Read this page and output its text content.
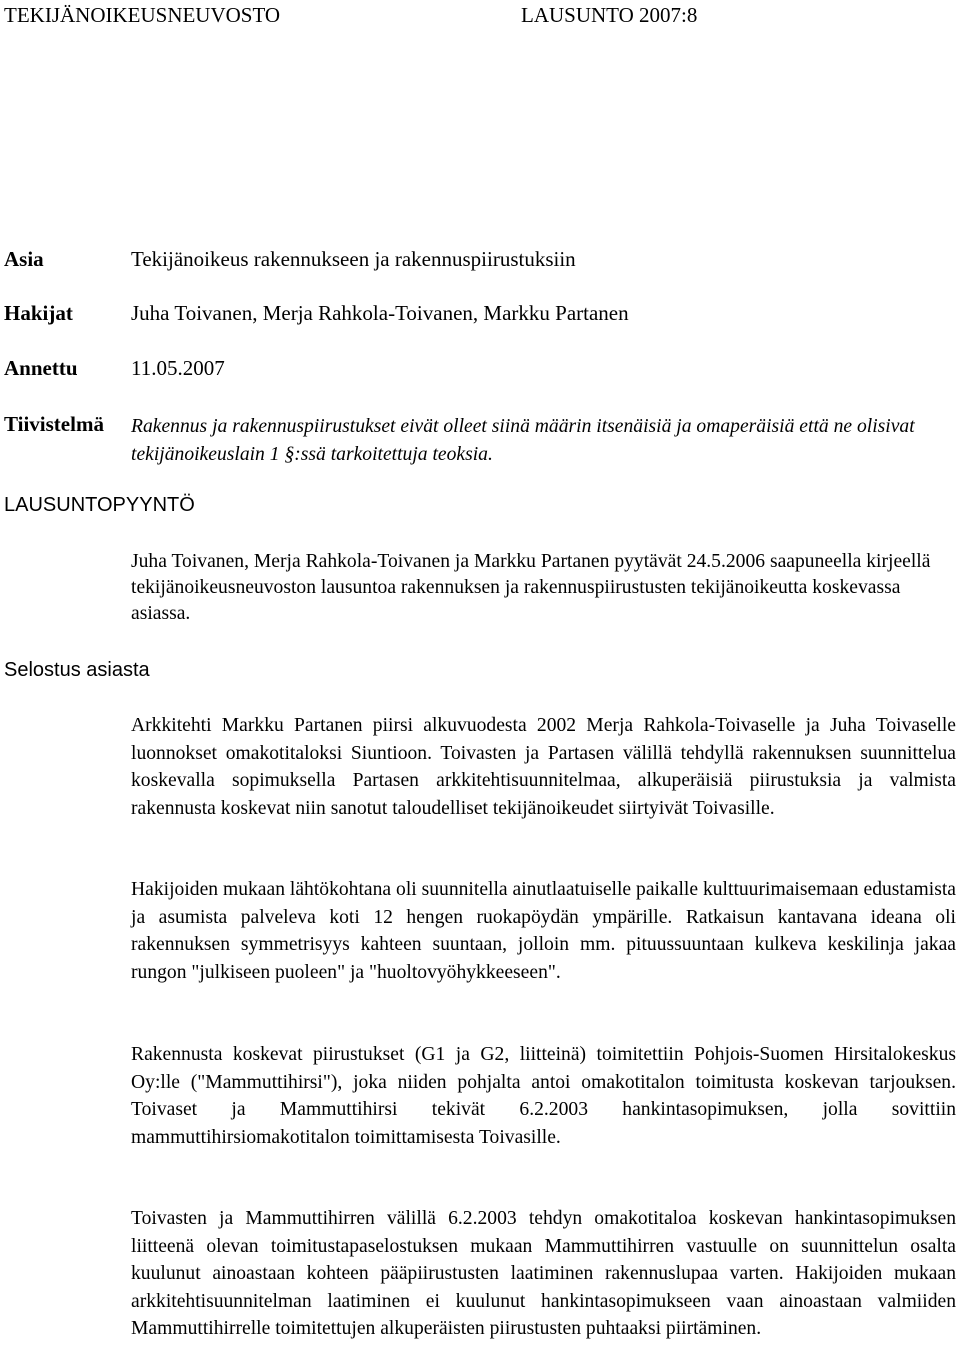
TEKIJÄNOIKEUSNEUVOSTO	LAUSUNTO 2007:8
Asia	Tekijänoikeus rakennukseen ja rakennuspiirustuksiin
Hakijat	Juha Toivanen, Merja Rahkola-Toivanen, Markku Partanen
Annettu	11.05.2007
Tiivistelmä Rakennus ja rakennuspiirustukset eivät olleet siinä määrin itsenäisiä ja omaperäisiä että ne olisivat tekijänoikeuslain 1 §:ssä tarkoitettuja teoksia.

LAUSUNTOPYYNTÖ

Juha Toivanen, Merja Rahkola-Toivanen ja Markku Partanen pyytävät 24.5.2006 saapuneella kirjeellä tekijänoikeusneuvoston lausuntoa rakennuksen ja rakennuspiirustusten tekijänoikeutta koskevassa asiassa.

Selostus asiasta

Arkkitehti Markku Partanen piirsi alkuvuodesta 2002 Merja Rahkola-Toivaselle ja Juha Toivaselle luonnokset omakotitaloksi Siuntioon. Toivasten ja Partasen välillä tehdyllä rakennuksen suunnittelua koskevalla sopimuksella Partasen arkkitehtisuunnitelmaa, alkuperäisiä piirustuksia ja valmista rakennusta koskevat niin sanotut taloudelliset tekijänoikeudet siirtyivät Toivasille.

Hakijoiden mukaan lähtökohtana oli suunnitella ainutlaatuiselle paikalle kulttuurimaisemaan edustamista ja asumista palveleva koti 12 hengen ruokapöydän ympärille. Ratkaisun kantavana ideana oli rakennuksen symmetrisyys kahteen suuntaan, jolloin mm. pituussuuntaan kulkeva keskilinja jakaa rungon "julkiseen puoleen" ja "huoltovyöhykkeeseen".

Rakennusta koskevat piirustukset (G1 ja G2, liitteinä) toimitettiin Pohjois-Suomen Hirsitalokeskus Oy:lle ("Mammuttihirsi"), joka niiden pohjalta antoi omakotitalon toimitusta koskevan tarjouksen. Toivaset ja Mammuttihirsi tekivät 6.2.2003 hankintasopimuksen, jolla sovittiin mammuttihirsiomakotitalon toimittamisesta Toivasille.

Toivasten ja Mammuttihirren välillä 6.2.2003 tehdyn omakotitaloa koskevan hankintasopimuksen liitteenä olevan toimitustapaselostuksen mukaan Mammuttihirren vastuulle on suunnittelun osalta kuulunut ainoastaan kohteen pääpiirustusten laatiminen rakennuslupaa varten. Hakijoiden mukaan arkkitehtisuunnitelman laatiminen ei kuulunut hankintasopimukseen vaan ainoastaan valmiiden Mammuttihirrelle toimitettujen alkuperäisten piirustusten puhtaaksi piirtäminen.
